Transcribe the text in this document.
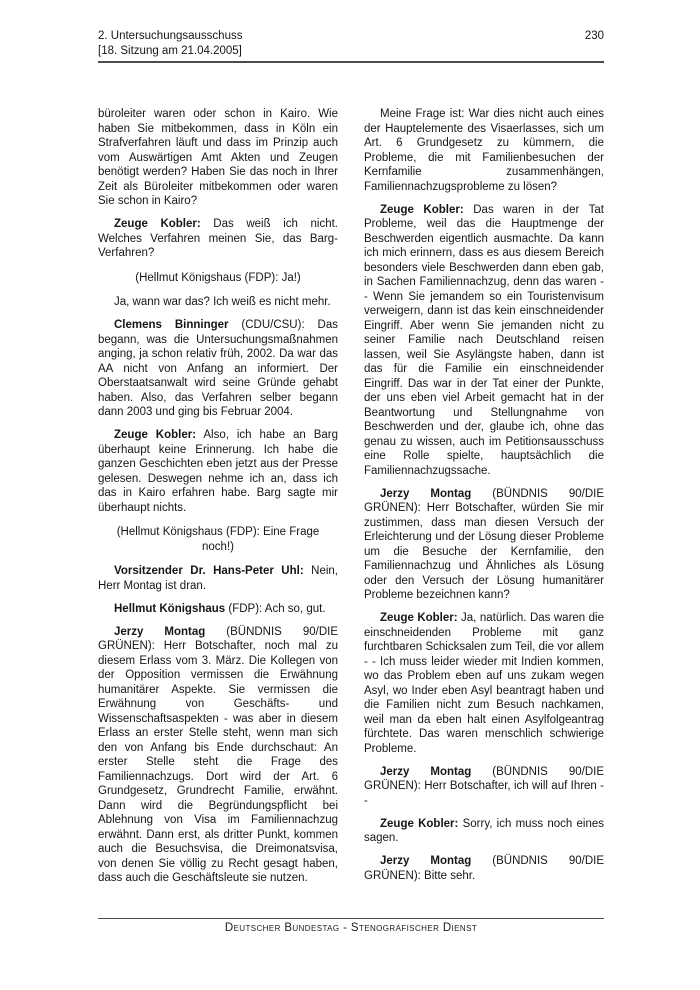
2. Untersuchungsausschuss
[18. Sitzung am 21.04.2005]
230

büroleiter waren oder schon in Kairo. Wie haben Sie mitbekommen, dass in Köln ein Strafverfahren läuft und dass im Prinzip auch vom Auswärtigen Amt Akten und Zeugen benötigt werden? Haben Sie das noch in Ihrer Zeit als Büroleiter mitbekommen oder waren Sie schon in Kairo?

Zeuge Kobler: Das weiß ich nicht. Welches Verfahren meinen Sie, das Barg-Verfahren?

(Hellmut Königshaus (FDP): Ja!)

Ja, wann war das? Ich weiß es nicht mehr.

Clemens Binninger (CDU/CSU): Das begann, was die Untersuchungsmaßnahmen anging, ja schon relativ früh, 2002. Da war das AA nicht von Anfang an informiert. Der Oberstaatsanwalt wird seine Gründe gehabt haben. Also, das Verfahren selber begann dann 2003 und ging bis Februar 2004.

Zeuge Kobler: Also, ich habe an Barg überhaupt keine Erinnerung. Ich habe die ganzen Geschichten eben jetzt aus der Presse gelesen. Deswegen nehme ich an, dass ich das in Kairo erfahren habe. Barg sagte mir überhaupt nichts.

(Hellmut Königshaus (FDP): Eine Frage noch!)

Vorsitzender Dr. Hans-Peter Uhl: Nein, Herr Montag ist dran.

Hellmut Königshaus (FDP): Ach so, gut.

Jerzy Montag (BÜNDNIS 90/DIE GRÜNEN): Herr Botschafter, noch mal zu diesem Erlass vom 3. März. Die Kollegen von der Opposition vermissen die Erwähnung humanitärer Aspekte. Sie vermissen die Erwähnung von Geschäfts- und Wissenschaftsaspekten - was aber in diesem Erlass an erster Stelle steht, wenn man sich den von Anfang bis Ende durchschaut: An erster Stelle steht die Frage des Familiennachzugs. Dort wird der Art. 6 Grundgesetz, Grundrecht Familie, erwähnt. Dann wird die Begründungspflicht bei Ablehnung von Visa im Familiennachzug erwähnt. Dann erst, als dritter Punkt, kommen auch die Besuchsvisa, die Dreimonatsvisa, von denen Sie völlig zu Recht gesagt haben, dass auch die Geschäftsleute sie nutzen.

Meine Frage ist: War dies nicht auch eines der Hauptelemente des Visaerlasses, sich um Art. 6 Grundgesetz zu kümmern, die Probleme, die mit Familienbesuchen der Kernfamilie zusammenhängen, Familiennachzugsprobleme zu lösen?

Zeuge Kobler: Das waren in der Tat Probleme, weil das die Hauptmenge der Beschwerden eigentlich ausmachte. Da kann ich mich erinnern, dass es aus diesem Bereich besonders viele Beschwerden dann eben gab, in Sachen Familiennachzug, denn das waren - - Wenn Sie jemandem so ein Touristenvisum verweigern, dann ist das kein einschneidender Eingriff. Aber wenn Sie jemanden nicht zu seiner Familie nach Deutschland reisen lassen, weil Sie Asylängste haben, dann ist das für die Familie ein einschneidender Eingriff. Das war in der Tat einer der Punkte, der uns eben viel Arbeit gemacht hat in der Beantwortung und Stellungnahme von Beschwerden und der, glaube ich, ohne das genau zu wissen, auch im Petitionsausschuss eine Rolle spielte, hauptsächlich die Familiennachzugssache.

Jerzy Montag (BÜNDNIS 90/DIE GRÜNEN): Herr Botschafter, würden Sie mir zustimmen, dass man diesen Versuch der Erleichterung und der Lösung dieser Probleme um die Besuche der Kernfamilie, den Familiennachzug und Ähnliches als Lösung oder den Versuch der Lösung humanitärer Probleme bezeichnen kann?

Zeuge Kobler: Ja, natürlich. Das waren die einschneidenden Probleme mit ganz furchtbaren Schicksalen zum Teil, die vor allem - - Ich muss leider wieder mit Indien kommen, wo das Problem eben auf uns zukam wegen Asyl, wo Inder eben Asyl beantragt haben und die Familien nicht zum Besuch nachkamen, weil man da eben halt einen Asylfolgeantrag fürchtete. Das waren menschlich schwierige Probleme.

Jerzy Montag (BÜNDNIS 90/DIE GRÜNEN): Herr Botschafter, ich will auf Ihren - -

Zeuge Kobler: Sorry, ich muss noch eines sagen.

Jerzy Montag (BÜNDNIS 90/DIE GRÜNEN): Bitte sehr.

Deutscher Bundestag - Stenografischer Dienst
